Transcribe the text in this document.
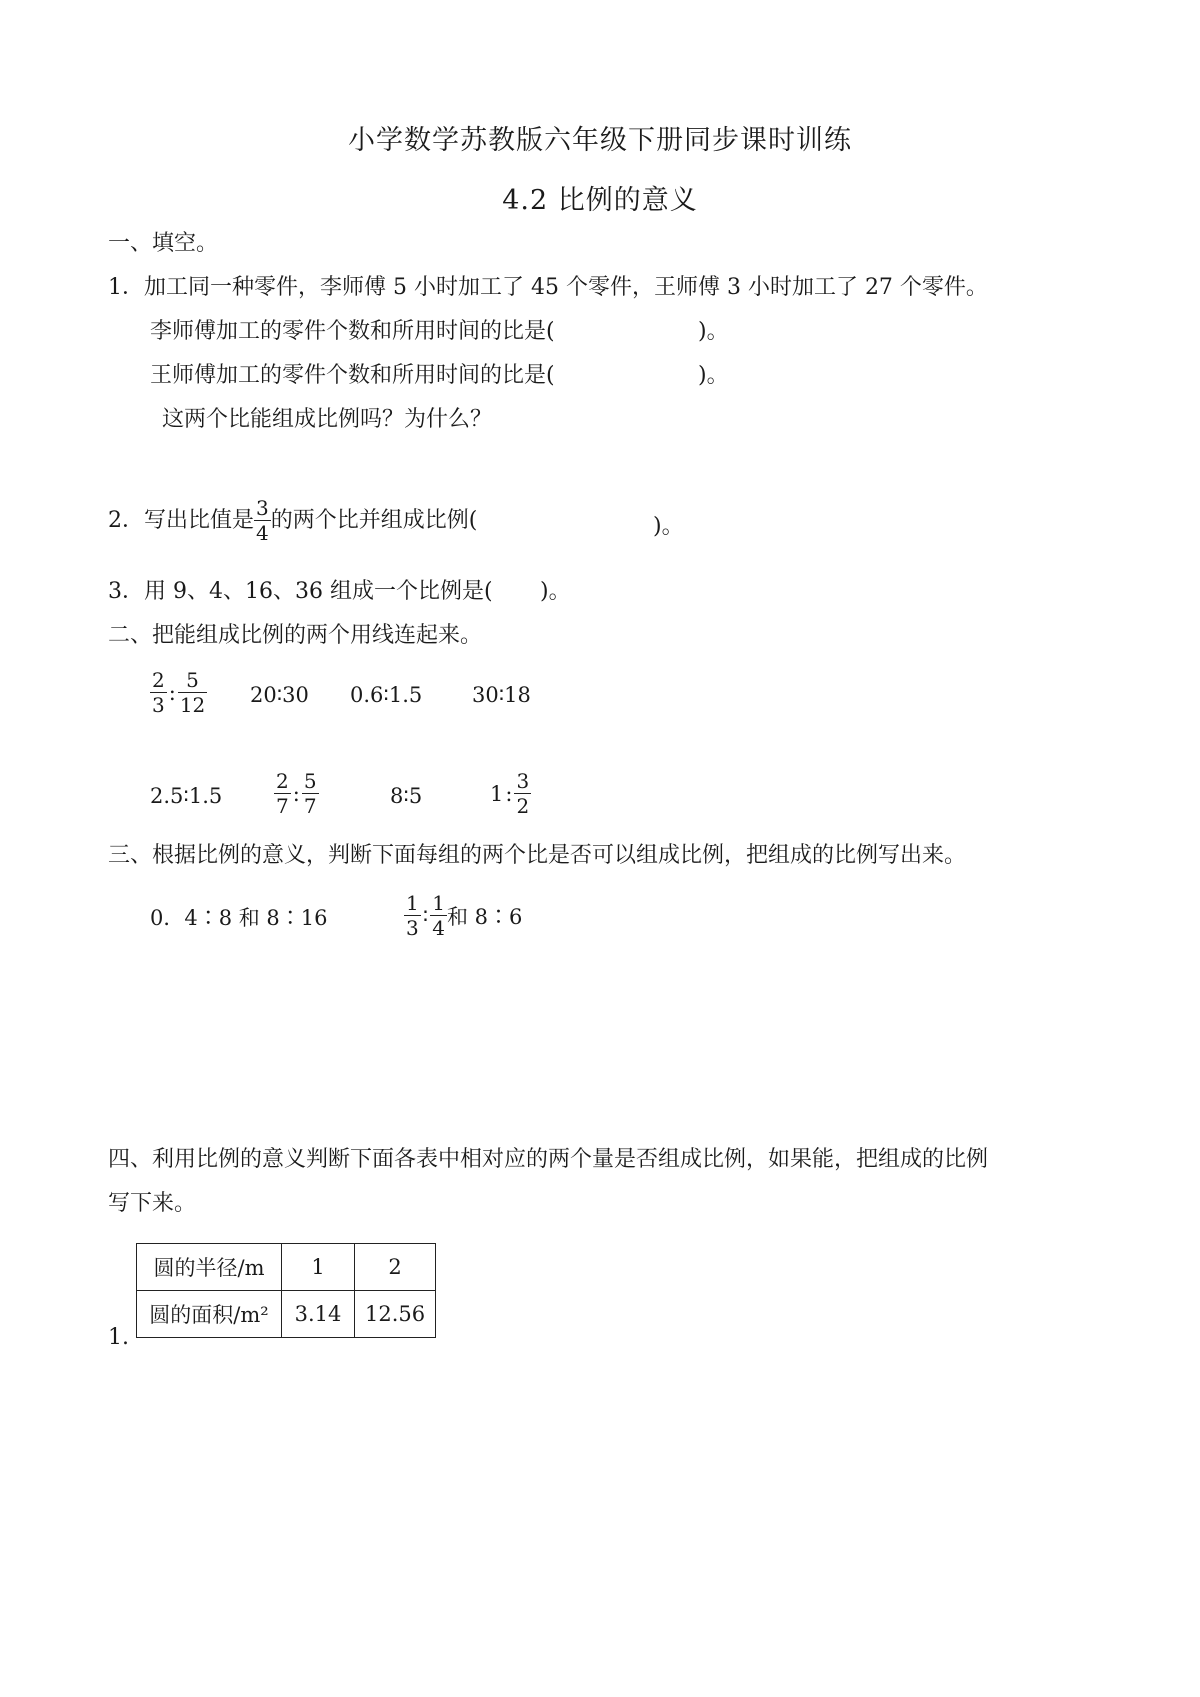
小学数学苏教版六年级下册同步课时训练
4.2 比例的意义
一、填空。
1．加工同一种零件，李师傅 5 小时加工了 45 个零件，王师傅 3 小时加工了 27 个零件。
李师傅加工的零件个数和所用时间的比是(	)。
王师傅加工的零件个数和所用时间的比是(	)。
这两个比能组成比例吗？为什么？
2．写出比值是 $\frac{3}{4}$ 的两个比并组成比例(	)。
3．用 9、4、16、36 组成一个比例是( )。
二、把能组成比例的两个用线连起来。
$\frac{2}{3}$ : $\frac{5}{12}$ 20∶30 0.6∶1.5 30∶18
2.5∶1.5	$\frac{2}{7}$ : $\frac{5}{7}$	8∶5	1 : $\frac{3}{2}$
三、根据比例的意义，判断下面每组的两个比是否可以组成比例，把组成的比例写出来。
0．4∶8 和 8∶16	$\frac{1}{3}$ ∶ $\frac{1}{4}$ 和 8∶6
四、利用比例的意义判断下面各表中相对应的两个量是否组成比例，如果能，把组成的比例
写下来。
圆的半径/m	1	2
圆的面积/m²	3.14	12.56
1.
